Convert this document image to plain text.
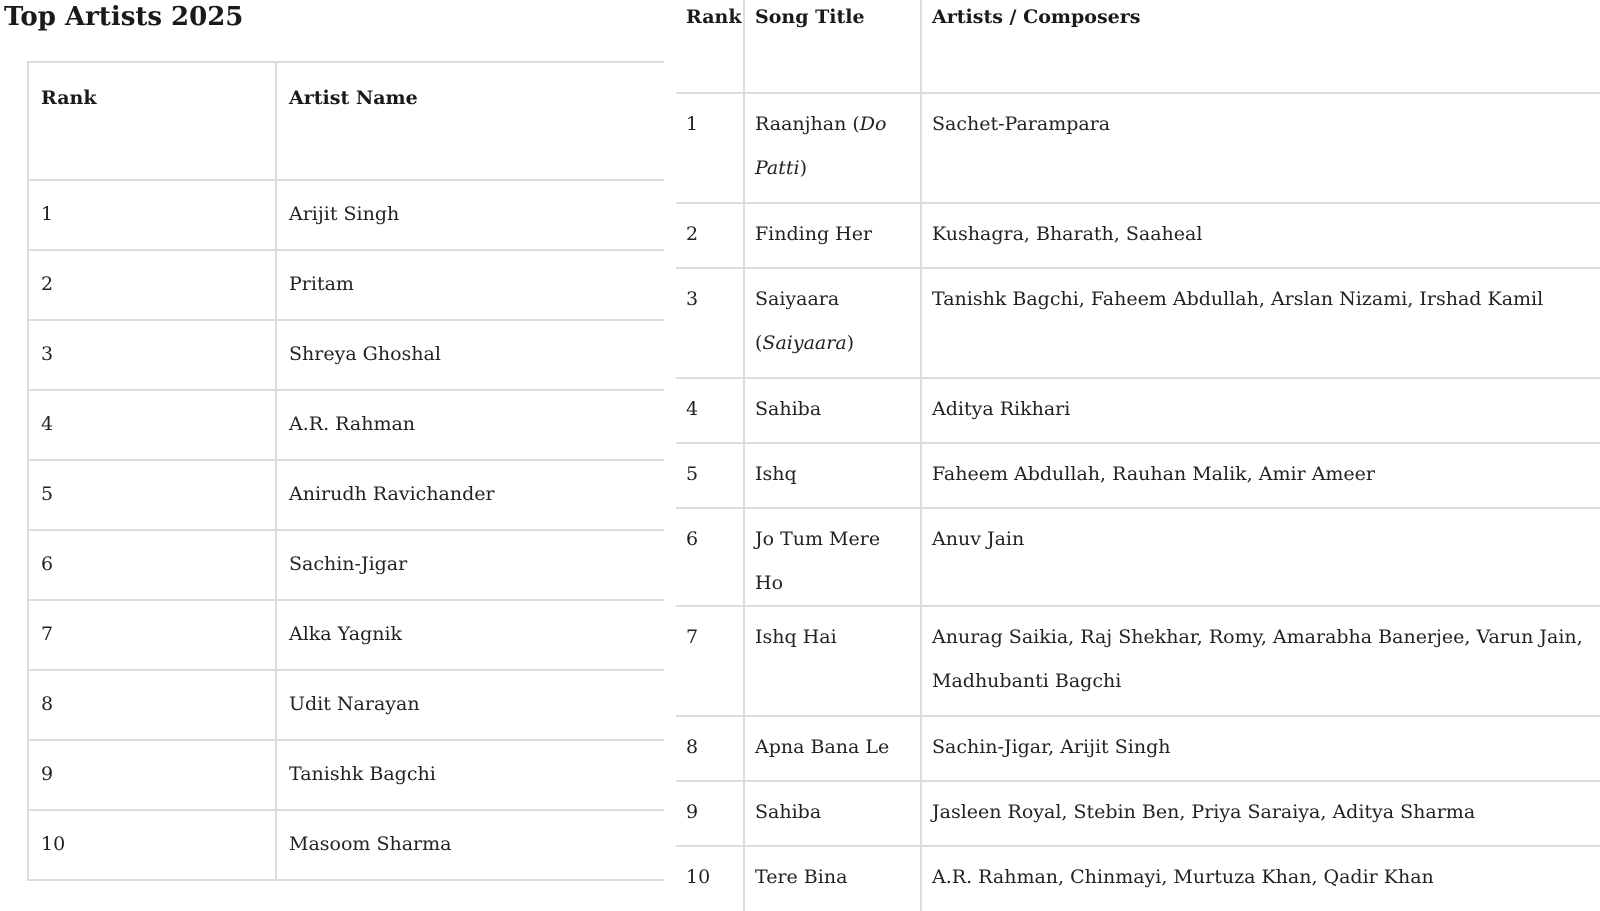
Top Artists 2025
Rank	Artist Name
1	Arijit Singh
2	Pritam
3	Shreya Ghoshal
4	A.R. Rahman
5	Anirudh Ravichander
6	Sachin-Jigar
7	Alka Yagnik
8	Udit Narayan
9	Tanishk Bagchi
10	Masoom Sharma
Rank	Song Title	Artists / Composers

1	Raanjhan (Do Patti)	Sachet-Parampara

2	Finding Her	Kushagra, Bharath, Saaheal

3	Saiyaara (Saiyaara)	Tanishk Bagchi, Faheem Abdullah, Arslan Nizami, Irshad Kamil

4	Sahiba	Aditya Rikhari

5	Ishq	Faheem Abdullah, Rauhan Malik, Amir Ameer

6	Jo Tum Mere Ho	Anuv Jain

7	Ishq Hai	Anurag Saikia, Raj Shekhar, Romy, Amarabha Banerjee, Varun Jain, Madhubanti Bagchi

8	Apna Bana Le	Sachin-Jigar, Arijit Singh

9	Sahiba	Jasleen Royal, Stebin Ben, Priya Saraiya, Aditya Sharma

10	Tere Bina	A.R. Rahman, Chinmayi, Murtuza Khan, Qadir Khan
